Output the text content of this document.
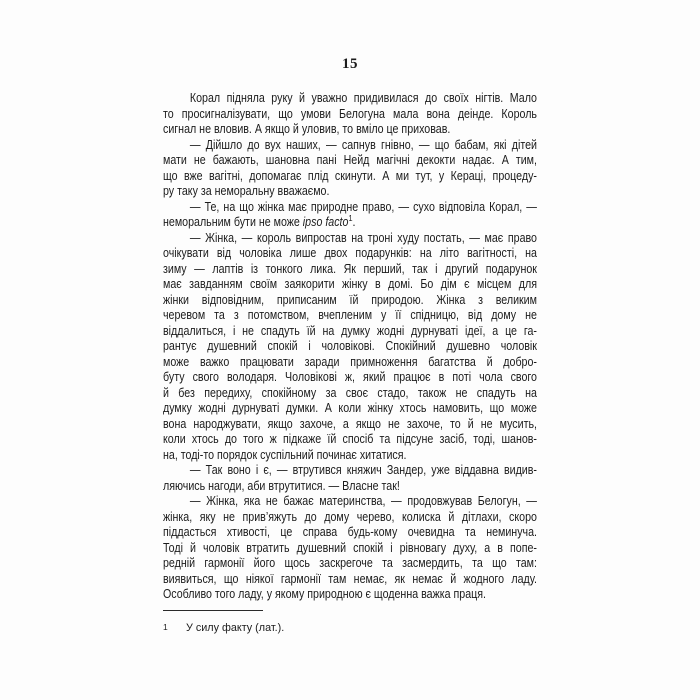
15
Корал підняла руку й уважно придивилася до своїх нігтів. Мало
то просигналізувати, що умови Белогуна мала вона деінде. Король
сигнал не вловив. А якщо й уловив, то вміло це приховав.
— Дійшло до вух наших, — сапнув гнівно, — що бабам, які дітей
мати не бажають, шановна пані Нейд магічні декокти надає. А тим,
що вже вагітні, допомагає плід скинути. А ми тут, у Кераці, процеду-
ру таку за неморальну вважаємо.
— Те, на що жінка має природне право, — сухо відповіла Корал, —
неморальним бути не може ipso facto$^1$.
— Жінка, — король випростав на троні худу постать, — має право
очікувати від чоловіка лише двох подарунків: на літо вагітності, на
зиму — лаптів із тонкого лика. Як перший, так і другий подарунок
має завданням своїм заякорити жінку в домі. Бо дім є місцем для
жінки відповідним, приписаним їй природою. Жінка з великим
черевом та з потомством, вчепленим у її спідницю, від дому не
віддалиться, і не спадуть їй на думку жодні дурнуваті ідеї, а це га-
рантує душевний спокій і чоловікові. Спокійний душевно чоловік
може важко працювати заради примноження багатства й добро-
буту свого володаря. Чоловікові ж, який працює в поті чола свого
й без передиху, спокійному за своє стадо, також не спадуть на
думку жодні дурнуваті думки. А коли жінку хтось намовить, що може
вона народжувати, якщо захоче, а якщо не захоче, то й не мусить,
коли хтось до того ж підкаже їй спосіб та підсуне засіб, тоді, шанов-
на, тоді-то порядок суспільний починає хитатися.
— Так воно і є, — втрутився княжич Зандер, уже віддавна видив-
ляючись нагоди, аби втрутитися. — Власне так!
— Жінка, яка не бажає материнства, — продовжував Белогун, —
жінка, яку не прив’яжуть до дому черево, колиска й дітлахи, скоро
піддасться хтивості, це справа будь-кому очевидна та неминуча.
Тоді й чоловік втратить душевний спокій і рівновагу духу, а в попе-
редній гармонії його щось заскрегоче та засмердить, та що там:
виявиться, що ніякої гармонії там немає, як немає й жодного ладу.
Особливо того ладу, у якому природною є щоденна важка праця.
1 У силу факту (лат.).
